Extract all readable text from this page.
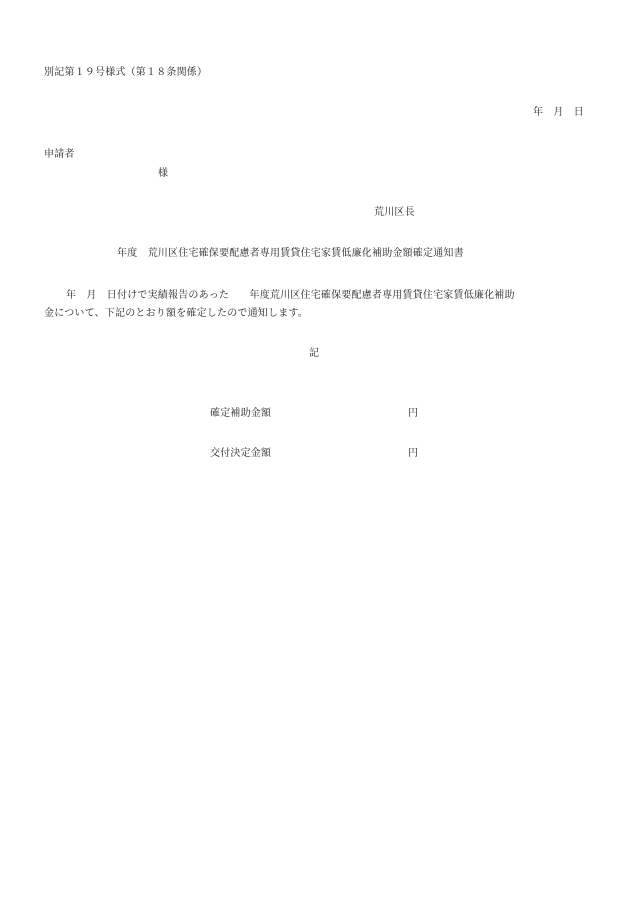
別記第１９号様式（第１８条関係）
年　月　日
申請者
様
荒川区長
年度　荒川区住宅確保要配慮者専用賃貸住宅家賃低廉化補助金額確定通知書
年　月　日付けで実績報告のあった　　年度荒川区住宅確保要配慮者専用賃貸住宅家賃低廉化補助
金について、下記のとおり額を確定したので通知します。
記
確定補助金額	円
交付決定金額	円
